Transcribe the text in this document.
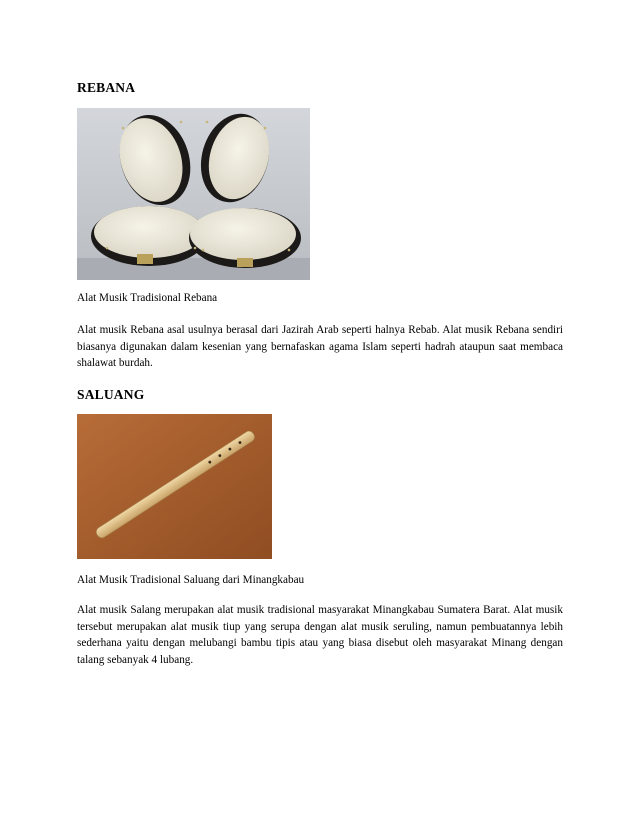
REBANA

Alat Musik Tradisional Rebana

Alat musik Rebana asal usulnya berasal dari Jazirah Arab seperti halnya Rebab. Alat musik Rebana sendiri biasanya digunakan dalam kesenian yang bernafaskan agama Islam seperti hadrah ataupun saat membaca shalawat burdah.

SALUANG

Alat Musik Tradisional Saluang dari Minangkabau

Alat musik Salang merupakan alat musik tradisional masyarakat Minangkabau Sumatera Barat. Alat musik tersebut merupakan alat musik tiup yang serupa dengan alat musik seruling, namun pembuatannya lebih sederhana yaitu dengan melubangi bambu tipis atau yang biasa disebut oleh masyarakat Minang dengan talang sebanyak 4 lubang.
